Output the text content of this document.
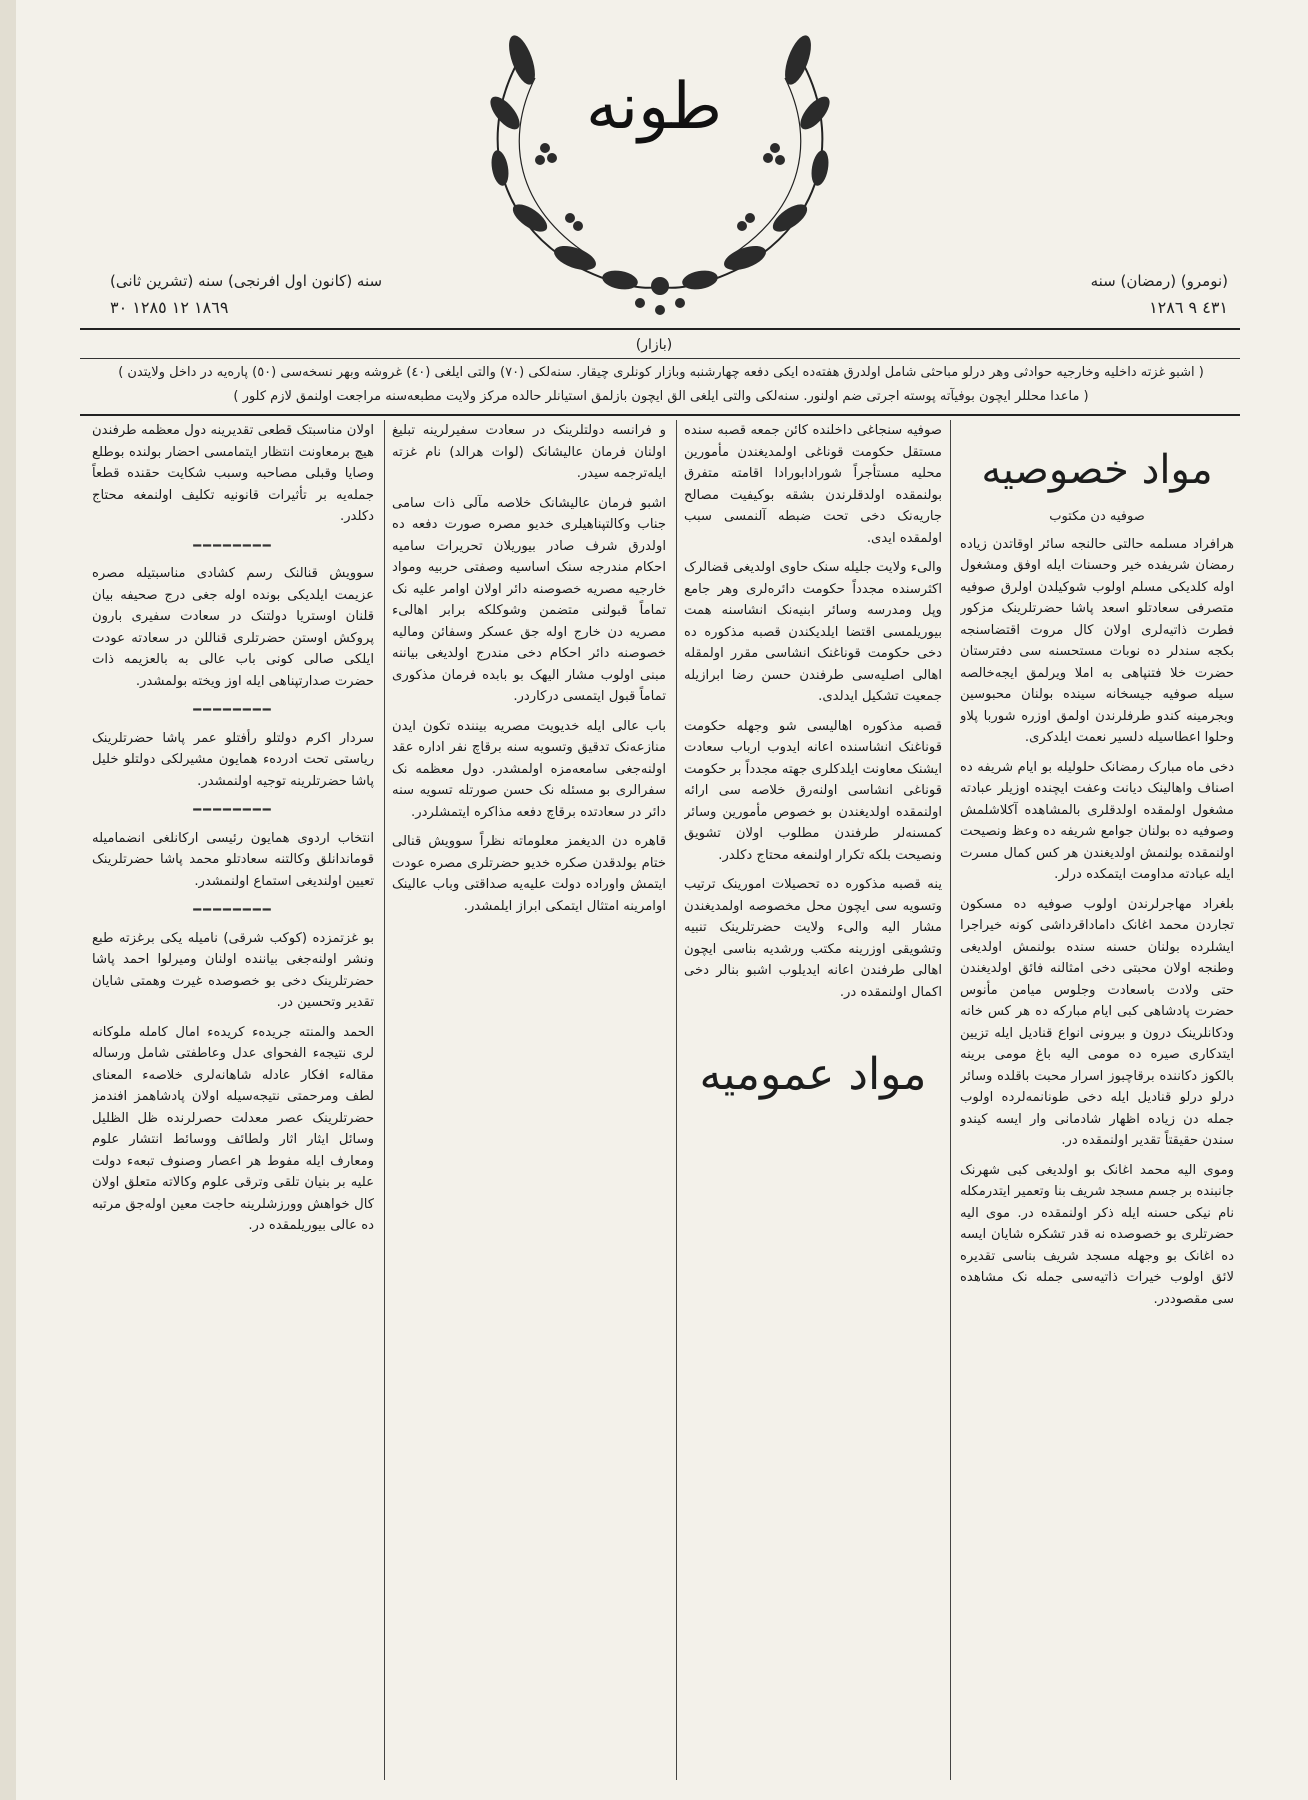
طونه
سنه (كانون اول افرنجی) سنه (تشرین ثانی)
١٨٦٩ ١٢ ١٢٨٥ ٣٠
(نومرو) (رمضان) سنه
٤٣١ ٩ ١٢٨٦
(بازار)
( اشبو غزته داخلیه وخارجیه حوادثی وهر درلو مباحثی شامل اولدرق هفته‌ده ایکی دفعه چهارشنبه وبازار کونلری چیقار. سنه‌لکی (٧٠) والتی ایلغی (٤٠) غروشه وبهر نسخه‌سی (٥٠) پاره‌یه در داخل ولایتدن )
( ماعدا محللر ایچون بوفیآته پوسته اجرتی ضم اولنور. سنه‌لکی والتی ایلغی الق ایچون بازلمق استیانلر حالده مرکز ولایت مطبعه‌سنه مراجعت اولنمق لازم کلور )
مواد خصوصیه
صوفیه دن مکتوب

هرافراد مسلمه حالتی حالنجه سائر اوقاتدن زیاده رمضان شریفده خیر وحسنات ایله اوفق ومشغول اوله کلدیکی مسلم اولوب شوکیلدن اولرق صوفیه متصرفی سعادتلو اسعد پاشا حضرتلرینک مزکور فطرت ذاتیه‌لری اولان کال مروت اقتضاسنجه بکجه سندلر ده نوبات مستحسنه سی دفترستان حضرت خلا فتنپاهی به املا ویرلمق ایجه‌خالصه سیله صوفیه جیسخانه سینده بولنان محبوسین وبجرمینه کندو طرفلرندن اولمق اوزره شوربا پلاو وحلوا اعطاسیله دلسیر نعمت ایلدکری.

دخی ماه مبارک رمضانک حلولیله بو ایام شریفه ده اصناف واهالینک دیانت وعفت ایچنده اوزیلر عبادته مشغول اولمقده اولدقلری بالمشاهده آکلاشلمش وصوفیه ده بولنان جوامع شریفه ده وعظ ونصیحت اولنمقده بولنمش اولدیغندن هر کس کمال مسرت ایله عبادته مداومت ایتمکده درلر.

بلغراد مهاجرلرندن اولوب صوفیه ده مسکون تجاردن محمد اغانک داماداقرداشی کونه خیراجرا ایشلرده بولنان حسنه سنده بولنمش اولدیغی وطنجه اولان محبتی دخی امثالنه فائق اولدیغندن حتی ولادت باسعادت وجلوس میامن مأنوس حضرت پادشاهی کبی ایام مبارکه ده هر کس خانه ودکانلرینک درون و بیرونی انواع قنادیل ایله تزیین ایتدکاری صیره ده مومی الیه باغ مومی برینه بالکوز دکاننده برقاچبوز اسرار محبت باقلده وسائر درلو درلو قنادیل ایله دخی طونانمه‌لرده اولوب جمله دن زیاده اظهار شادمانی وار ایسه کیندو سندن حقیقتاً تقدیر اولنمقده در.

وموی الیه محمد اغانک بو اولدیغی کبی شهرنک جانبنده بر جسم مسجد شریف بنا وتعمیر ایتدرمکله نام نیکی حسنه ایله ذکر اولنمقده در. موی الیه حضرتلری بو خصوصده نه قدر تشکره شایان ایسه ده اغانک بو وجهله مسجد شریف بناسی تقدیره لائق اولوب خیرات ذاتیه‌سی جمله نک مشاهده سی مقصوددر.

صوفیه سنجاغی داخلنده کائن جمعه قصبه سنده مستقل حکومت قوناغی اولمدیغندن مأمورین محلیه مستأجراً شورادابورادا اقامته متفرق بولنمقده اولدقلرندن بشقه بوکیفیت مصالح جاریه‌نک دخی تحت ضبطه آلنمسی سبب اولمقده ایدی.

والی‌ء ولایت جلیله سنک حاوی اولدیغی قضالرک اکثرسنده مجدداً حکومت دائره‌لری وهر جامع وپل ومدرسه وسائر ابنیه‌نک انشاسنه همت بیوریلمسی اقتضا ایلدیکندن قصبه مذکوره ده دخی حکومت قوناغنک انشاسی مقرر اولمقله اهالی اصلیه‌سی طرفندن حسن رضا ابرازیله جمعیت تشکیل ایدلدی.

قصبه مذکوره اهالیسی شو وجهله حکومت قوناغنک انشاسنده اعانه ایدوب ارباب سعادت ایشنک معاونت ایلدکلری جهته مجدداً بر حکومت قوناغی انشاسی اولنه‌رق خلاصه سی ارائه اولنمقده اولدیغندن بو خصوص مأمورین وسائر کمسنه‌لر طرفندن مطلوب اولان تشویق ونصیحت بلکه تکرار اولنمغه محتاج دکلدر.

ینه قصبه مذکوره ده تحصیلات امورینک ترتیب وتسویه سی ایچون محل مخصوصه اولمدیغندن مشار الیه والی‌ء ولایت حضرتلرینک تنبیه وتشویقی اوزرینه مکتب ورشدیه بناسی ایچون اهالی طرفندن اعانه ایدیلوب اشبو بنالر دخی اکمال اولنمقده در.

مواد عمومیه

و فرانسه دولتلرینک در سعادت سفیرلرینه تبلیغ اولنان فرمان عالیشانک (لوات هرالد) نام غزته ایله‌ترجمه سیدر.

اشبو فرمان عالیشانک خلاصه مآلی ذات سامی جناب وکالتپناهیلری خدیو مصره صورت دفعه ده اولدرق شرف صادر بیوریلان تحریرات سامیه احکام مندرجه سنک اساسیه وصفتی حربیه ومواد خارجیه مصریه خصوصنه دائر اولان اوامر علیه نک تماماً قبولنی متضمن وشوکلکه برابر اهالیء مصریه دن خارج اوله جق عسکر وسفائن ومالیه خصوصنه دائر احکام دخی مندرج اولدیغی بیاننه مبنی اولوب مشار الیهک بو بابده فرمان مذکوری تماماً قبول ایتمسی درکاردر.

باب عالی ایله خدیویت مصریه بیننده تکون ایدن منازعه‌نک تدقیق وتسویه سنه برقاچ نفر اداره عقد اولنه‌جغی سامعه‌مزه اولمشدر. دول معظمه نک سفرالری بو مسئله نک حسن صورتله تسویه سنه دائر در سعادتده برقاچ دفعه مذاکره ایتمشلردر.

قاهره دن الدیغمز معلوماته نظراً سوویش قنالی ختام بولدقدن صکره خدیو حضرتلری مصره عودت ایتمش واوراده دولت علیه‌یه صداقتی وباب عالینک اوامرینه امتثال ایتمکی ابراز ایلمشدر.

اولان مناسبتک قطعی تقدیرینه دول معظمه طرفندن هیچ برمعاونت انتظار ایتمامسی احضار بولنده بوطلع وصایا وقبلی مصاحبه وسبب شکایت حقنده قطعاً جمله‌یه بر تأثیرات قانونیه تکلیف اولنمغه محتاج دکلدر.

━━━━━━━━

سوویش قنالنک رسم کشادی مناسبتیله مصره عزیمت ایلدیکی بونده اوله جغی درج صحیفه بیان قلنان اوستریا دولتنک در سعادت سفیری بارون پروکش اوستن حضرتلری قناللن در سعادته عودت ایلکی صالی کونی باب عالی به بالعزیمه ذات حضرت صدارتپناهی ایله اوز ویخته بولمشدر.

━━━━━━━━

سردار اکرم دولتلو رأفتلو عمر پاشا حضرتلرینک ریاستی تحت ادرده‌ء همایون مشیرلکی دولتلو خلیل پاشا حضرتلرینه توجیه اولنمشدر.

━━━━━━━━

انتخاب اردوی همایون رئیسی ارکانلغی انضمامیله قوماندانلق وکالتنه سعادتلو محمد پاشا حضرتلرینک تعیین اولندیغی استماع اولنمشدر.

━━━━━━━━

بو غزتمزده (کوکب شرقی) نامیله یکی برغزته طبع ونشر اولنه‌جغی بیاننده اولنان ومیرلوا احمد پاشا حضرتلرینک دخی بو خصوصده غیرت وهمتی شایان تقدیر وتحسین در.

الحمد والمنته جریده‌ء کریده‌ء امال کامله ملوکانه لری نتیجه‌ء الفحوای عدل وعاطفتی شامل ورساله مقاله‌ء افکار عادله شاهانه‌لری خلاصه‌ء المعنای لطف ومرحمتی نتیجه‌سیله اولان پادشاهمز افندمز حضرتلرینک عصر معدلت حصرلرنده ظل الظلیل وسائل ایثار اثار ولطائف ووسائط انتشار علوم ومعارف ایله مفوط هر اعصار وصنوف تبعه‌ء دولت علیه بر بنیان تلقی وترقی علوم وکالاته متعلق اولان کال خواهش وورزشلرینه حاجت معین اوله‌جق مرتبه ده عالی بیوریلمقده در.
